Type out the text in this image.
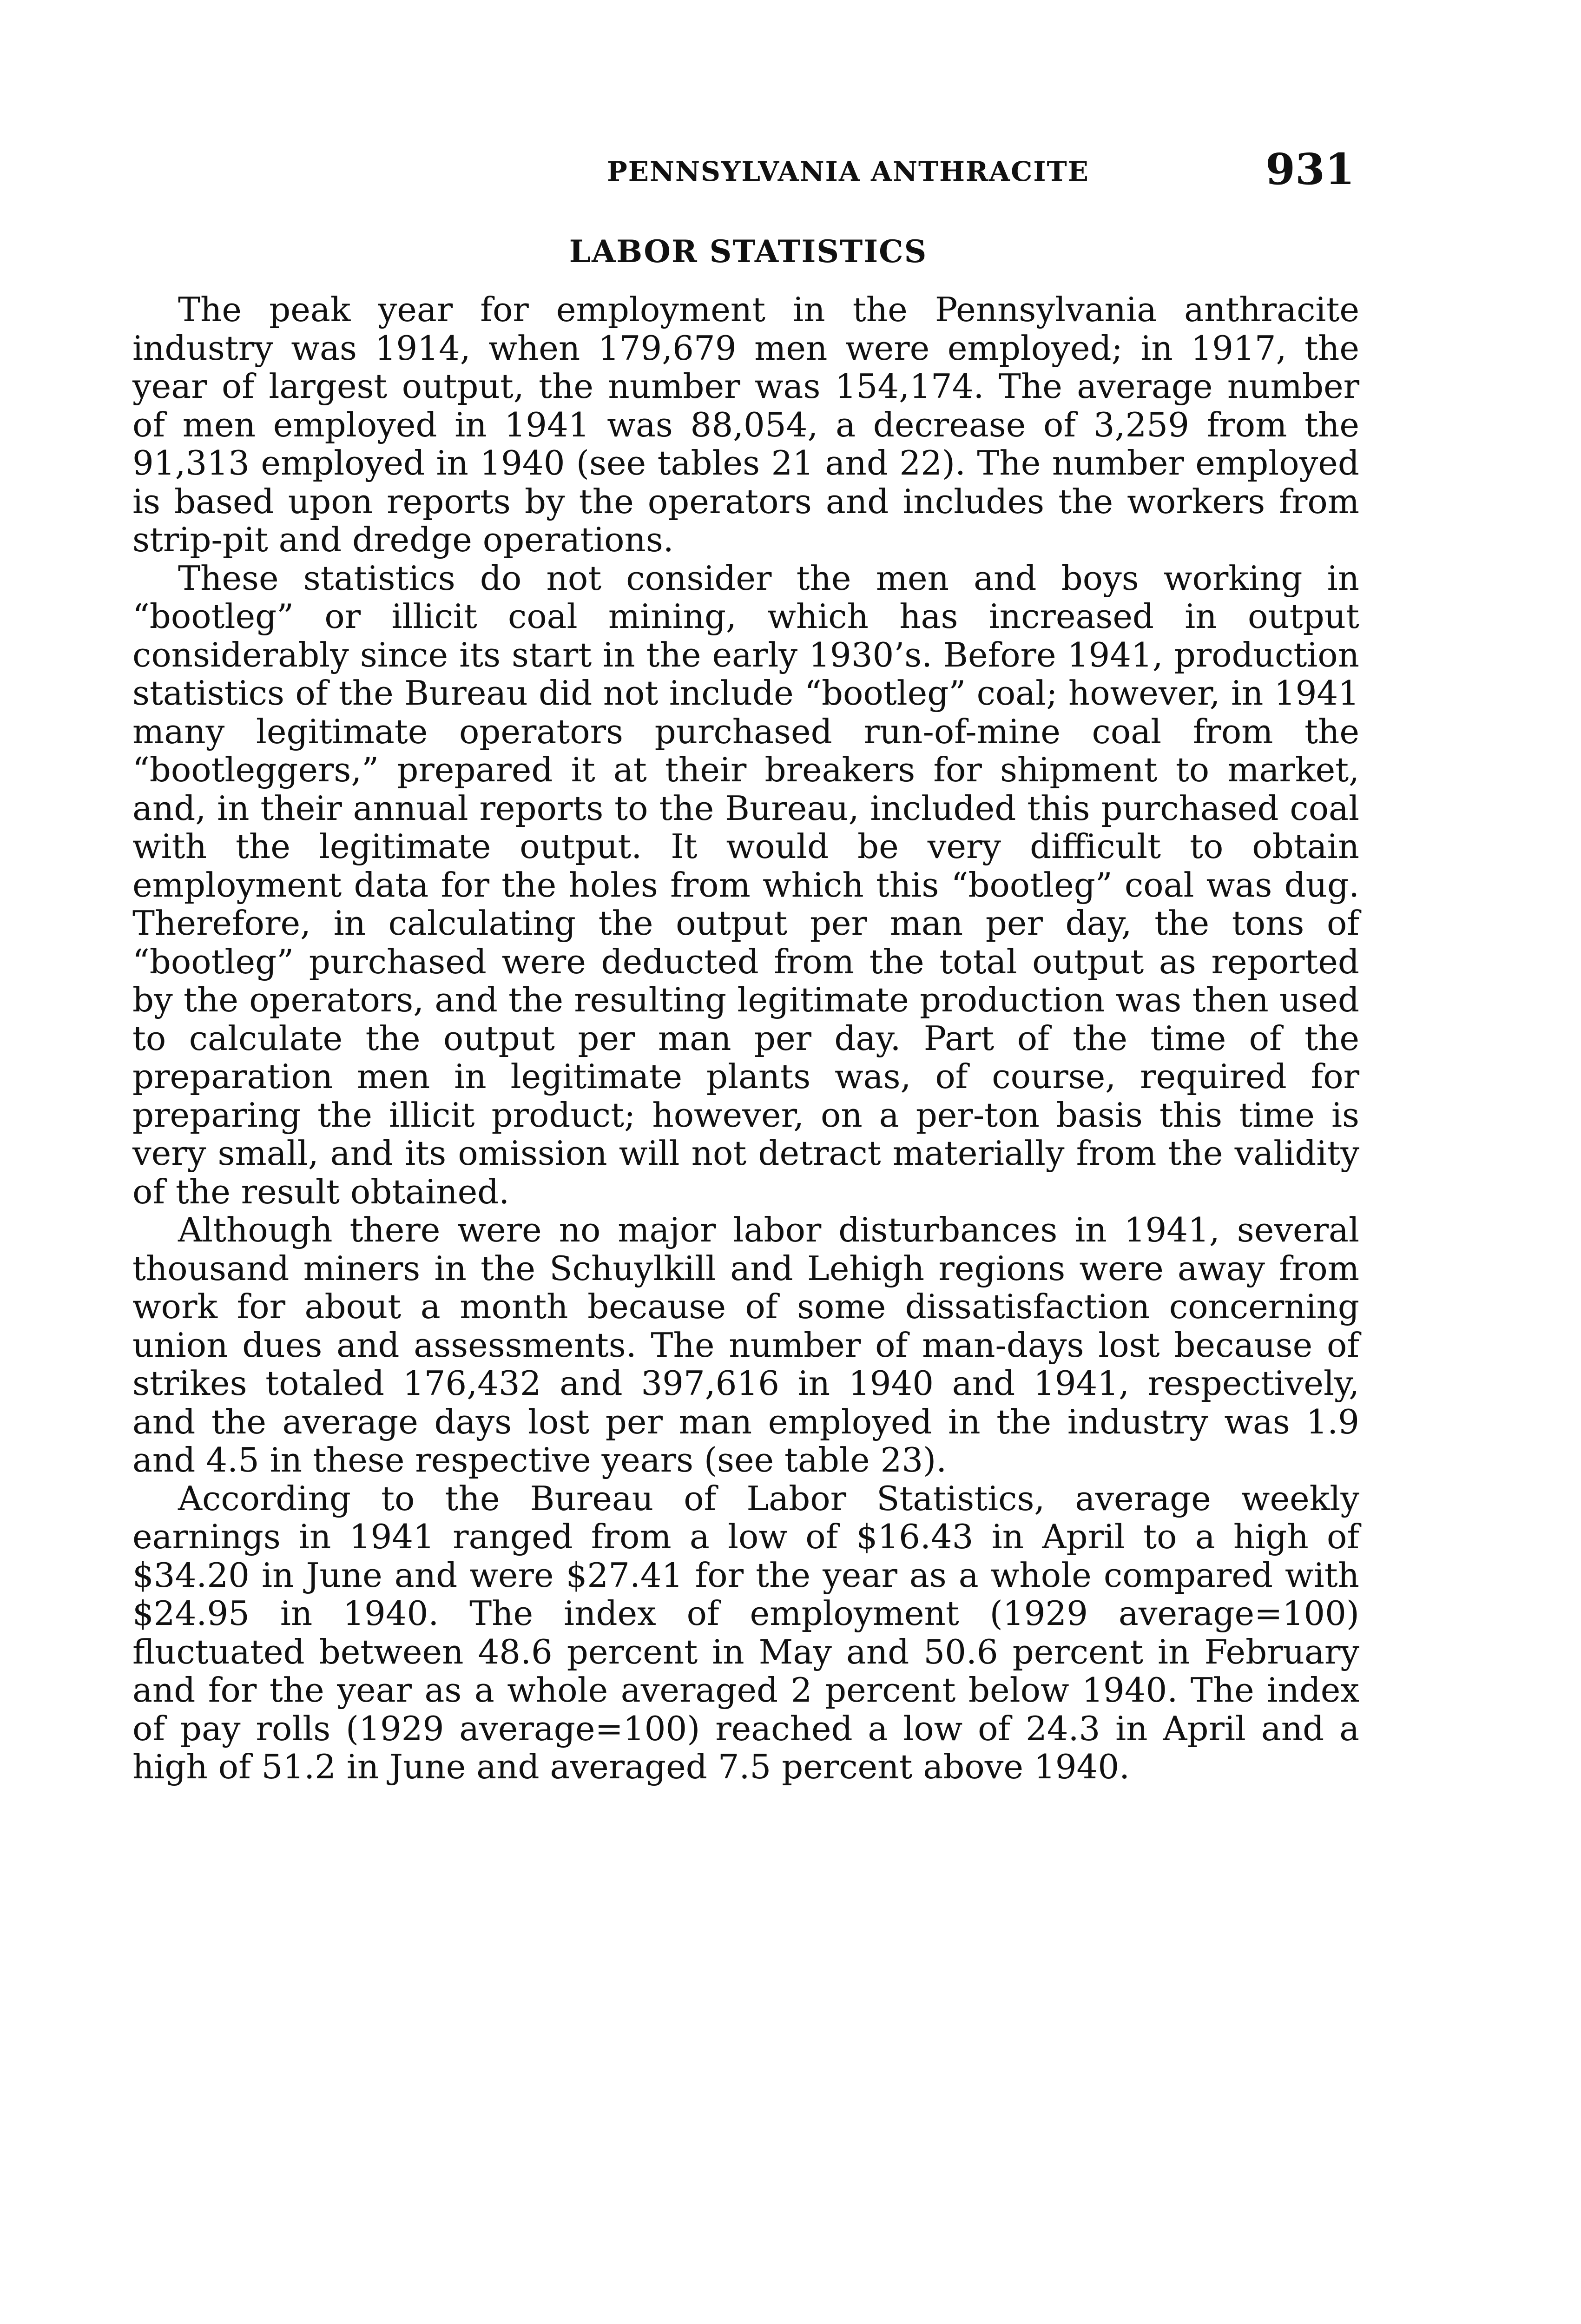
PENNSYLVANIA ANTHRACITE	931
LABOR STATISTICS

The peak year for employment in the Pennsylvania anthracite industry was 1914, when 179,679 men were employed; in 1917, the year of largest output, the number was 154,174. The average number of men employed in 1941 was 88,054, a decrease of 3,259 from the 91,313 employed in 1940 (see tables 21 and 22). The number employed is based upon reports by the operators and includes the workers from strip-pit and dredge operations.

These statistics do not consider the men and boys working in “bootleg” or illicit coal mining, which has increased in output considerably since its start in the early 1930’s. Before 1941, production statistics of the Bureau did not include “bootleg” coal; however, in 1941 many legitimate operators purchased run-of-mine coal from the “bootleggers,” prepared it at their breakers for shipment to market, and, in their annual reports to the Bureau, included this purchased coal with the legitimate output. It would be very difficult to obtain employment data for the holes from which this “bootleg” coal was dug. Therefore, in calculating the output per man per day, the tons of “bootleg” purchased were deducted from the total output as reported by the operators, and the resulting legitimate production was then used to calculate the output per man per day. Part of the time of the preparation men in legitimate plants was, of course, required for preparing the illicit product; however, on a per-ton basis this time is very small, and its omission will not detract materially from the validity of the result obtained.

Although there were no major labor disturbances in 1941, several thousand miners in the Schuylkill and Lehigh regions were away from work for about a month because of some dissatisfaction concerning union dues and assessments. The number of man-days lost because of strikes totaled 176,432 and 397,616 in 1940 and 1941, respectively, and the average days lost per man employed in the industry was 1.9 and 4.5 in these respective years (see table 23).

According to the Bureau of Labor Statistics, average weekly earnings in 1941 ranged from a low of $16.43 in April to a high of $34.20 in June and were $27.41 for the year as a whole compared with $24.95 in 1940. The index of employment (1929 average=100) fluctuated between 48.6 percent in May and 50.6 percent in February and for the year as a whole averaged 2 percent below 1940. The index of pay rolls (1929 average=100) reached a low of 24.3 in April and a high of 51.2 in June and averaged 7.5 percent above 1940.
